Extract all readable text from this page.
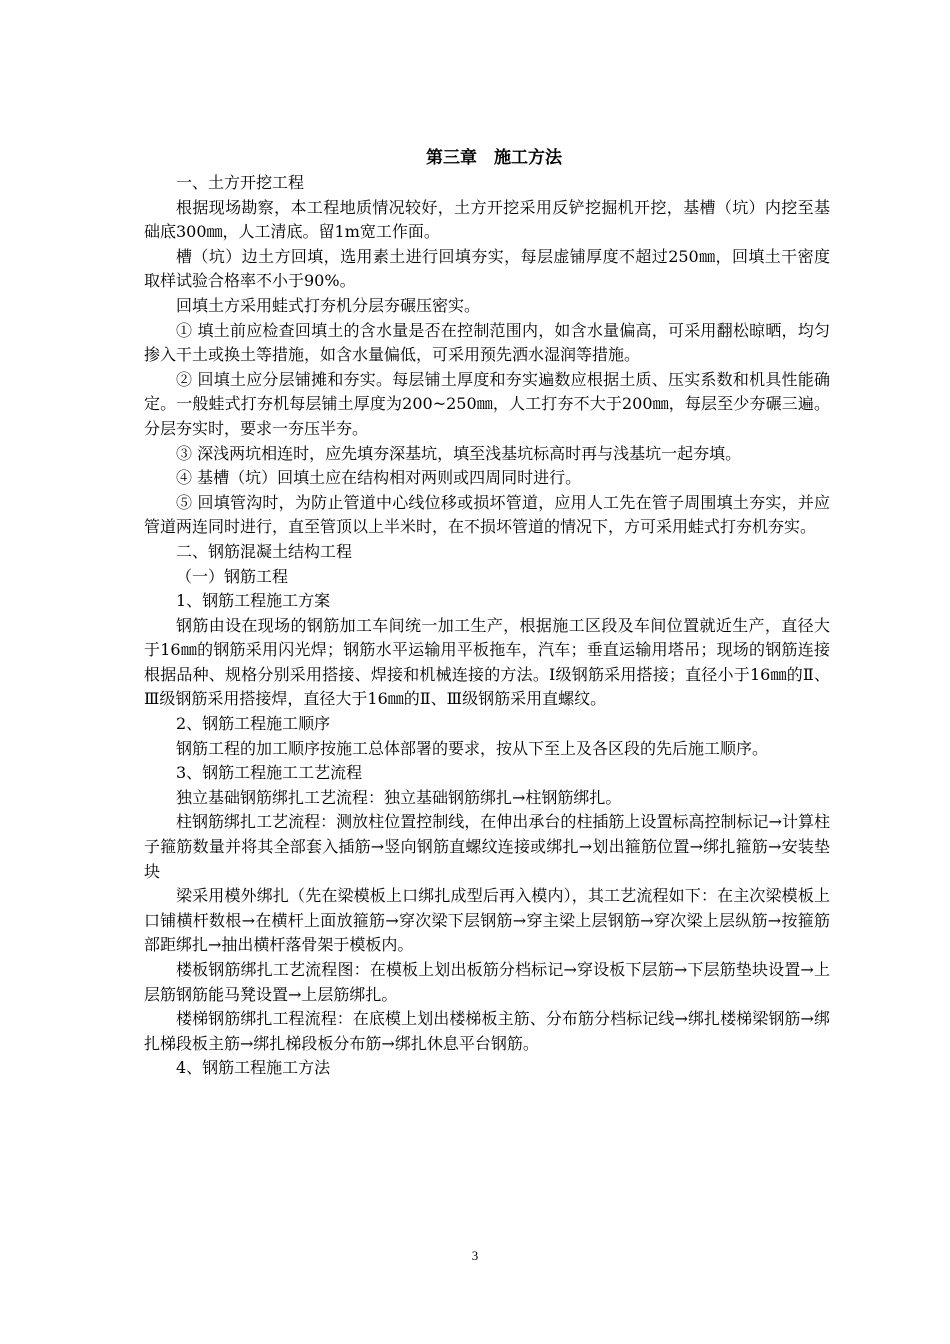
第三章　施工方法

一、土方开挖工程

根据现场勘察，本工程地质情况较好，土方开挖采用反铲挖掘机开挖，基槽（坑）内挖至基础底300㎜，人工清底。留1m宽工作面。

槽（坑）边土方回填，选用素土进行回填夯实，每层虚铺厚度不超过250㎜，回填土干密度取样试验合格率不小于90%。

回填土方采用蛙式打夯机分层夯碾压密实。

① 填土前应检查回填土的含水量是否在控制范围内，如含水量偏高，可采用翻松晾晒，均匀掺入干土或换土等措施，如含水量偏低，可采用预先洒水湿润等措施。

② 回填土应分层铺摊和夯实。每层铺土厚度和夯实遍数应根据土质、压实系数和机具性能确定。一般蛙式打夯机每层铺土厚度为200~250㎜，人工打夯不大于200㎜，每层至少夯碾三遍。分层夯实时，要求一夯压半夯。

③ 深浅两坑相连时，应先填夯深基坑，填至浅基坑标高时再与浅基坑一起夯填。

④ 基槽（坑）回填土应在结构相对两则或四周同时进行。

⑤ 回填管沟时，为防止管道中心线位移或损坏管道，应用人工先在管子周围填土夯实，并应管道两连同时进行，直至管顶以上半米时，在不损坏管道的情况下，方可采用蛙式打夯机夯实。

二、钢筋混凝土结构工程

（一）钢筋工程

1、钢筋工程施工方案

钢筋由设在现场的钢筋加工车间统一加工生产，根据施工区段及车间位置就近生产，直径大于16㎜的钢筋采用闪光焊；钢筋水平运输用平板拖车，汽车；垂直运输用塔吊；现场的钢筋连接根据品种、规格分别采用搭接、焊接和机械连接的方法。Ⅰ级钢筋采用搭接；直径小于16㎜的Ⅱ、Ⅲ级钢筋采用搭接焊，直径大于16㎜的Ⅱ、Ⅲ级钢筋采用直螺纹。

2、钢筋工程施工顺序

钢筋工程的加工顺序按施工总体部署的要求，按从下至上及各区段的先后施工顺序。

3、钢筋工程施工工艺流程

独立基础钢筋绑扎工艺流程：独立基础钢筋绑扎→柱钢筋绑扎。

柱钢筋绑扎工艺流程：测放柱位置控制线，在伸出承台的柱插筋上设置标高控制标记→计算柱子箍筋数量并将其全部套入插筋→竖向钢筋直螺纹连接或绑扎→划出箍筋位置→绑扎箍筋→安装垫块

梁采用模外绑扎（先在梁模板上口绑扎成型后再入模内），其工艺流程如下：在主次梁模板上口铺横杆数根→在横杆上面放箍筋→穿次梁下层钢筋→穿主梁上层钢筋→穿次梁上层纵筋→按箍筋部距绑扎→抽出横杆落骨架于模板内。

楼板钢筋绑扎工艺流程图：在模板上划出板筋分档标记→穿设板下层筋→下层筋垫块设置→上层筋钢筋能马凳设置→上层筋绑扎。

楼梯钢筋绑扎工程流程：在底模上划出楼梯板主筋、分布筋分档标记线→绑扎楼梯梁钢筋→绑扎梯段板主筋→绑扎梯段板分布筋→绑扎休息平台钢筋。

4、钢筋工程施工方法

3
